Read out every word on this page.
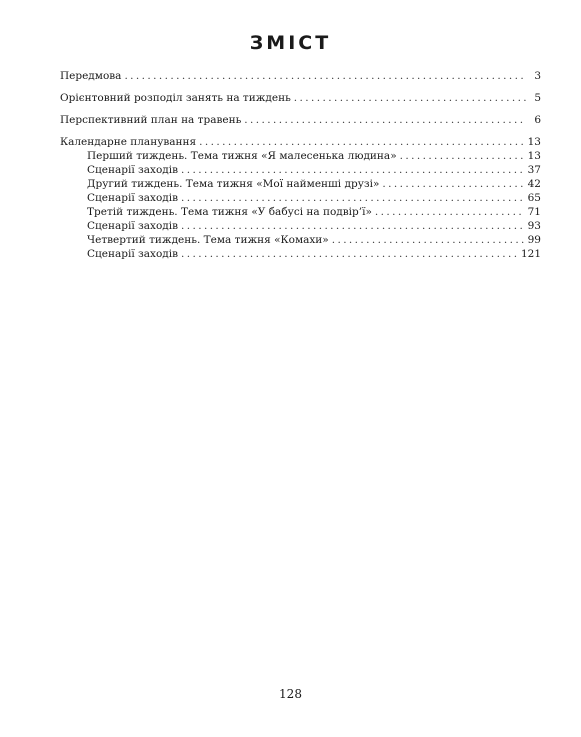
ЗМІСТ
Передмова .....	3
Орієнтовний розподіл занять на тиждень .....	5
Перспективний план на травень .....	6
Календарне планування .....	13
Перший тиждень. Тема тижня «Я малесенька людина» .....	13
Сценарії заходів .....	37
Другий тиждень. Тема тижня «Мої найменші друзі» .....	42
Сценарії заходів .....	65
Третій тиждень. Тема тижня «У бабусі на подвір’ї» .....	71
Сценарії заходів .....	93
Четвертий тиждень. Тема тижня «Комахи» .....	99
Сценарії заходів .....	121
128
